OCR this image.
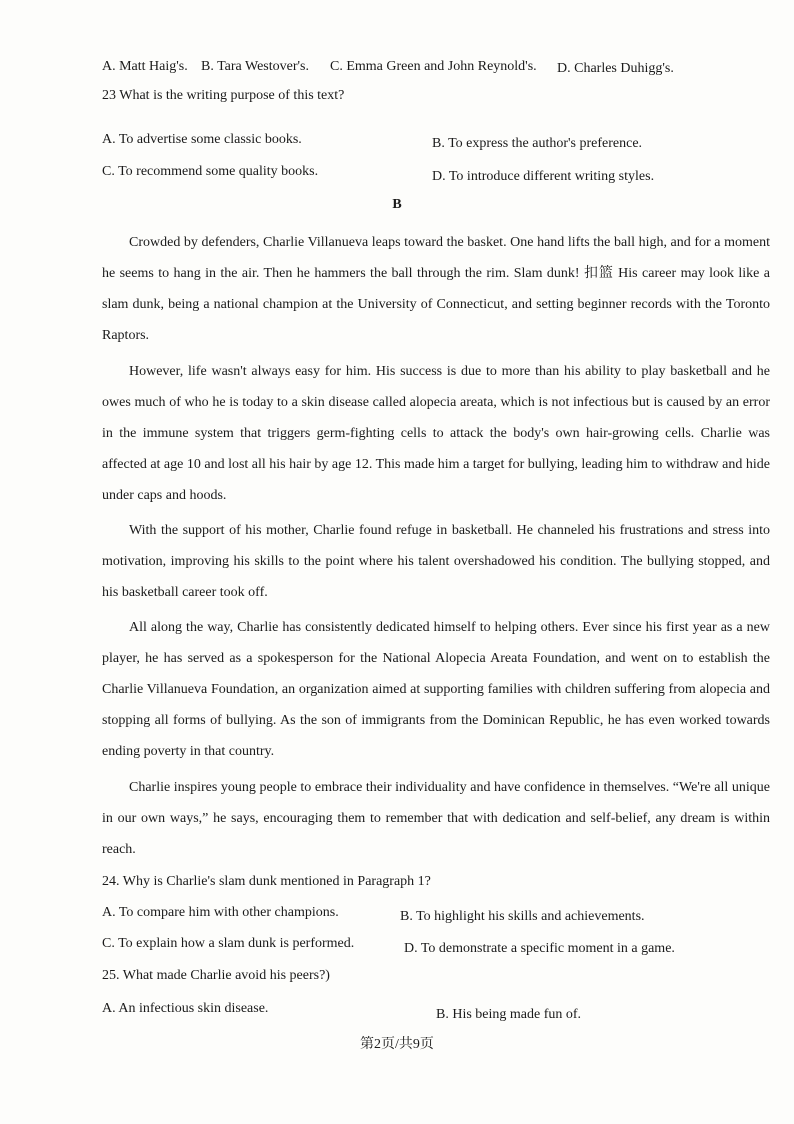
A. Matt Haig's. B. Tara Westover's. C. Emma Green and John Reynold's. D. Charles Duhigg's.
23 What is the writing purpose of this text?
A. To advertise some classic books.	B. To express the author's preference.
C. To recommend some quality books.	D. To introduce different writing styles.
B
Crowded by defenders, Charlie Villanueva leaps toward the basket. One hand lifts the ball high, and for a moment he seems to hang in the air. Then he hammers the ball through the rim. Slam dunk! 扣篮 His career may look like a slam dunk, being a national champion at the University of Connecticut, and setting beginner records with the Toronto Raptors.
However, life wasn't always easy for him. His success is due to more than his ability to play basketball and he owes much of who he is today to a skin disease called alopecia areata, which is not infectious but is caused by an error in the immune system that triggers germ-fighting cells to attack the body's own hair-growing cells. Charlie was affected at age 10 and lost all his hair by age 12. This made him a target for bullying, leading him to withdraw and hide under caps and hoods.
With the support of his mother, Charlie found refuge in basketball. He channeled his frustrations and stress into motivation, improving his skills to the point where his talent overshadowed his condition. The bullying stopped, and his basketball career took off.
All along the way, Charlie has consistently dedicated himself to helping others. Ever since his first year as a new player, he has served as a spokesperson for the National Alopecia Areata Foundation, and went on to establish the Charlie Villanueva Foundation, an organization aimed at supporting families with children suffering from alopecia and stopping all forms of bullying. As the son of immigrants from the Dominican Republic, he has even worked towards ending poverty in that country.
Charlie inspires young people to embrace their individuality and have confidence in themselves. “We're all unique in our own ways,” he says, encouraging them to remember that with dedication and self-belief, any dream is within reach.
24. Why is Charlie's slam dunk mentioned in Paragraph 1?
A. To compare him with other champions.	B. To highlight his skills and achievements.
C. To explain how a slam dunk is performed.	D. To demonstrate a specific moment in a game.
25. What made Charlie avoid his peers?)
A. An infectious skin disease.	B. His being made fun of.
第2页/共9页
